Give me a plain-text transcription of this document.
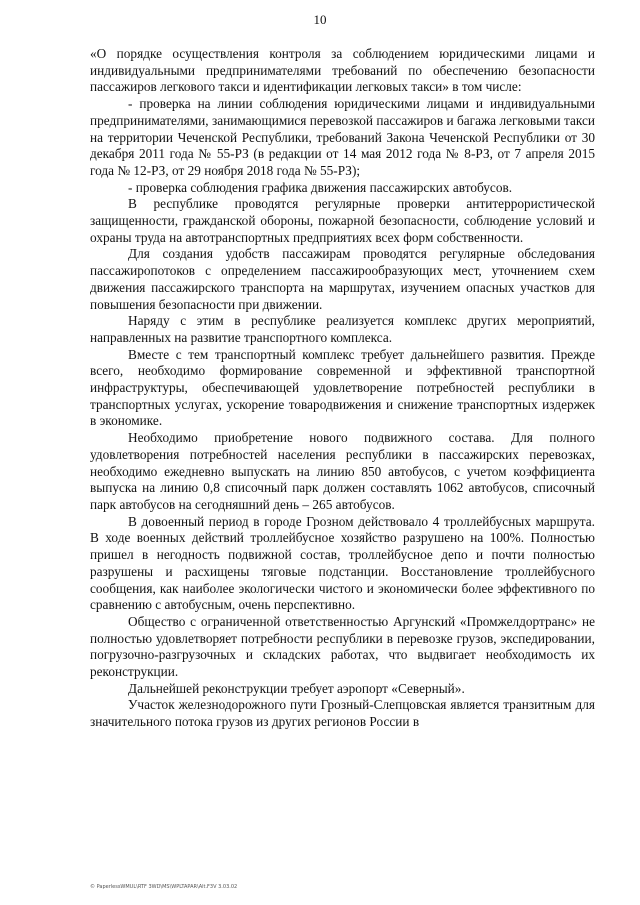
10

«О порядке осуществления контроля за соблюдением юридическими лицами и индивидуальными предпринимателями требований по обеспечению безопасности пассажиров легкового такси и идентификации легковых такси» в том числе:

- проверка на линии соблюдения юридическими лицами и индивидуальными предпринимателями, занимающимися перевозкой пассажиров и багажа легковыми такси на территории Чеченской Республики, требований Закона Чеченской Республики от 30 декабря 2011 года № 55-РЗ (в редакции от 14 мая 2012 года № 8-РЗ, от 7 апреля 2015 года № 12-РЗ, от 29 ноября 2018 года № 55-РЗ);

- проверка соблюдения графика движения пассажирских автобусов.

В республике проводятся регулярные проверки антитеррористической защищенности, гражданской обороны, пожарной безопасности, соблюдение условий и охраны труда на автотранспортных предприятиях всех форм собственности.

Для создания удобств пассажирам проводятся регулярные обследования пассажиропотоков с определением пассажирообразующих мест, уточнением схем движения пассажирского транспорта на маршрутах, изучением опасных участков для повышения безопасности при движении.

Наряду с этим в республике реализуется комплекс других мероприятий, направленных на развитие транспортного комплекса.

Вместе с тем транспортный комплекс требует дальнейшего развития. Прежде всего, необходимо формирование современной и эффективной транспортной инфраструктуры, обеспечивающей удовлетворение потребностей республики в транспортных услугах, ускорение товародвижения и снижение транспортных издержек в экономике.

Необходимо приобретение нового подвижного состава. Для полного удовлетворения потребностей населения республики в пассажирских перевозках, необходимо ежедневно выпускать на линию 850 автобусов, с учетом коэффициента выпуска на линию 0,8 списочный парк должен составлять 1062 автобусов, списочный парк автобусов на сегодняшний день – 265 автобусов.

В довоенный период в городе Грозном действовало 4 троллейбусных маршрута. В ходе военных действий троллейбусное хозяйство разрушено на 100%. Полностью пришел в негодность подвижной состав, троллейбусное депо и почти полностью разрушены и расхищены тяговые подстанции. Восстановление троллейбусного сообщения, как наиболее экологически чистого и экономически более эффективного по сравнению с автобусным, очень перспективно.

Общество с ограниченной ответственностью Аргунский «Промжелдортранс» не полностью удовлетворяет потребности республики в перевозке грузов, экспедировании, погрузочно-разгрузочных и складских работах, что выдвигает необходимость их реконструкции.

Дальнейшей реконструкции требует аэропорт «Северный».

Участок железнодорожного пути Грозный-Слепцовская является транзитным для значительного потока грузов из других регионов России в

© PaperlessWMUL\RTF 3WD\MS\WPLTAPAR\Alt.F3V 3.03.02
